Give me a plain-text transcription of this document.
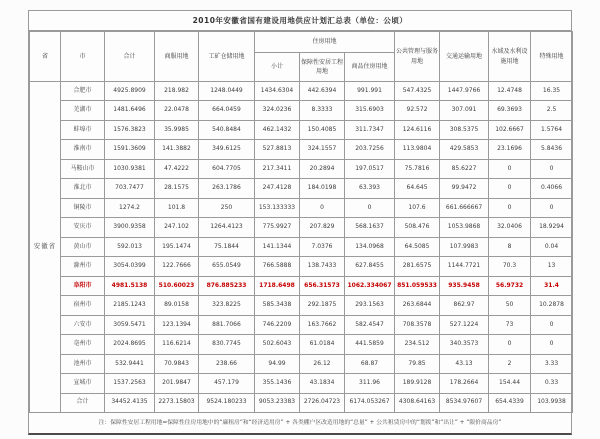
2010年安徽省国有建设用地供应计划汇总表（单位：公顷）
省	市	合计	商服用地	工矿仓储用地	住房用地			公共管理与服务用地	交通运输用地	水域及水利设施用地	特殊用地
					小计	保障性安居工程用地	商品住房用地				
安徽省	合肥市	4925.8909	218.982	1248.0449	1434.6304	442.6394	991.991	547.4325	1447.9766	12.4748	16.35
	芜湖市	1481.6496	22.0478	664.0459	324.0236	8.3333	315.6903	92.572	307.091	69.3693	2.5
	蚌埠市	1576.3823	35.9985	540.8484	462.1432	150.4085	311.7347	124.6116	308.5375	102.6667	1.5764
	淮南市	1591.3609	141.3882	349.6125	527.8813	324.1557	203.7256	113.9804	429.5853	23.1696	5.8436
	马鞍山市	1030.9381	47.4222	604.7705	217.3411	20.2894	197.0517	75.7816	85.6227	0	0
	淮北市	703.7477	28.1575	263.1786	247.4128	184.0198	63.393	64.645	99.9472	0	0.4066
	铜陵市	1274.2	101.8	250	153.133333	0	0	107.6	661.666667	0	0
	安庆市	3900.9358	247.102	1264.4123	775.9927	207.829	568.1637	508.476	1053.9868	32.0406	18.9294
	黄山市	592.013	195.1474	75.1844	141.1344	7.0376	134.0968	64.5085	107.9983	8	0.04
	滁州市	3054.0399	122.7666	655.0549	766.5888	138.7433	627.8455	281.6575	1144.7721	70.3	13
	阜阳市	4981.5138	510.60023	876.885233	1718.6498	656.31573	1062.334067	851.059533	935.9458	56.9732	31.4
	宿州市	2185.1243	89.0158	323.8225	585.3438	292.1875	293.1563	263.6844	862.97	50	10.2878
	六安市	3059.5471	123.1394	881.7066	746.2209	163.7662	582.4547	708.3578	527.1224	73	0
	亳州市	2024.8695	116.6214	830.7745	502.6043	61.0184	441.5859	234.512	340.3573	0	0
	池州市	532.9441	70.9843	238.66	94.99	26.12	68.87	79.85	43.13	2	3.33
	宣城市	1537.2563	201.9847	457.179	355.1436	43.1834	311.96	189.9128	178.2664	154.44	0.33
	合计	34452.4135	2273.15803	9524.180233	9053.23383	2726.04723	6174.053267	4308.64163	8534.97607	654.4339	103.9938
注：保障性安居工程用地=保障性住房用地中的“廉租房”和“经济适用房” + 各类棚户区改造用地的“总量” + 公共租赁房中的“划拨”和“出让” + “限价商品房”
